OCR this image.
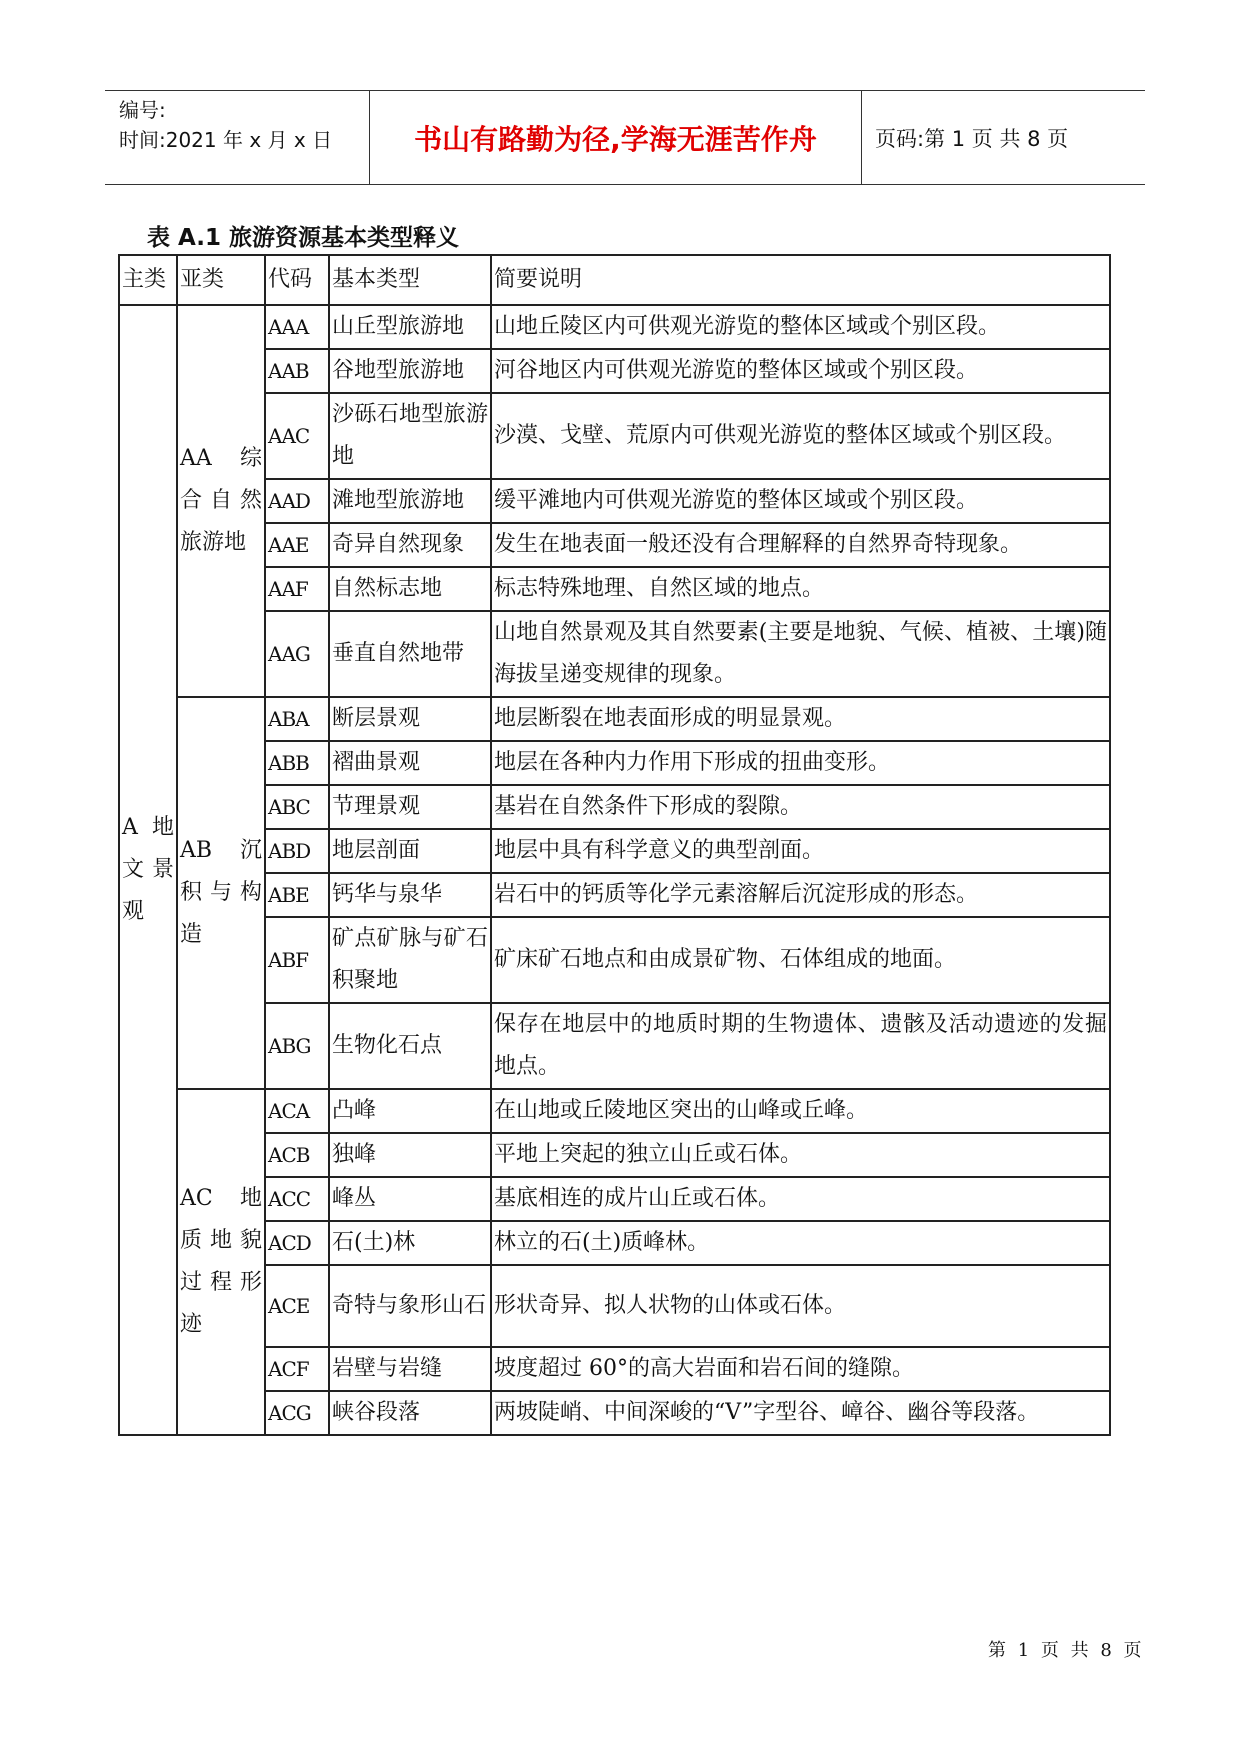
编号:
时间:2021 年 x 月 x 日	书山有路勤为径,学海无涯苦作舟	页码:第 1 页 共 8 页
表 A.1 旅游资源基本类型释义
主类	亚类	代码	基本类型	简要说明
A 地文景观	AA 综合自然旅游地	AAA	山丘型旅游地	山地丘陵区内可供观光游览的整体区域或个别区段。
		AAB	谷地型旅游地	河谷地区内可供观光游览的整体区域或个别区段。
		AAC	沙砾石地型旅游地	沙漠、戈壁、荒原内可供观光游览的整体区域或个别区段。
		AAD	滩地型旅游地	缓平滩地内可供观光游览的整体区域或个别区段。
		AAE	奇异自然现象	发生在地表面一般还没有合理解释的自然界奇特现象。
		AAF	自然标志地	标志特殊地理、自然区域的地点。
		AAG	垂直自然地带	山地自然景观及其自然要素(主要是地貌、气候、植被、土壤)随海拔呈递变规律的现象。
	AB 沉积与构造	ABA	断层景观	地层断裂在地表面形成的明显景观。
		ABB	褶曲景观	地层在各种内力作用下形成的扭曲变形。
		ABC	节理景观	基岩在自然条件下形成的裂隙。
		ABD	地层剖面	地层中具有科学意义的典型剖面。
		ABE	钙华与泉华	岩石中的钙质等化学元素溶解后沉淀形成的形态。
		ABF	矿点矿脉与矿石积聚地	矿床矿石地点和由成景矿物、石体组成的地面。
		ABG	生物化石点	保存在地层中的地质时期的生物遗体、遗骸及活动遗迹的发掘地点。
	AC 地质地貌过程形迹	ACA	凸峰	在山地或丘陵地区突出的山峰或丘峰。
		ACB	独峰	平地上突起的独立山丘或石体。
		ACC	峰丛	基底相连的成片山丘或石体。
		ACD	石(土)林	林立的石(土)质峰林。
		ACE	奇特与象形山石	形状奇异、拟人状物的山体或石体。
		ACF	岩壁与岩缝	坡度超过 60°的高大岩面和岩石间的缝隙。
		ACG	峡谷段落	两坡陡峭、中间深峻的“V”字型谷、嶂谷、幽谷等段落。
第 1 页 共 8 页
